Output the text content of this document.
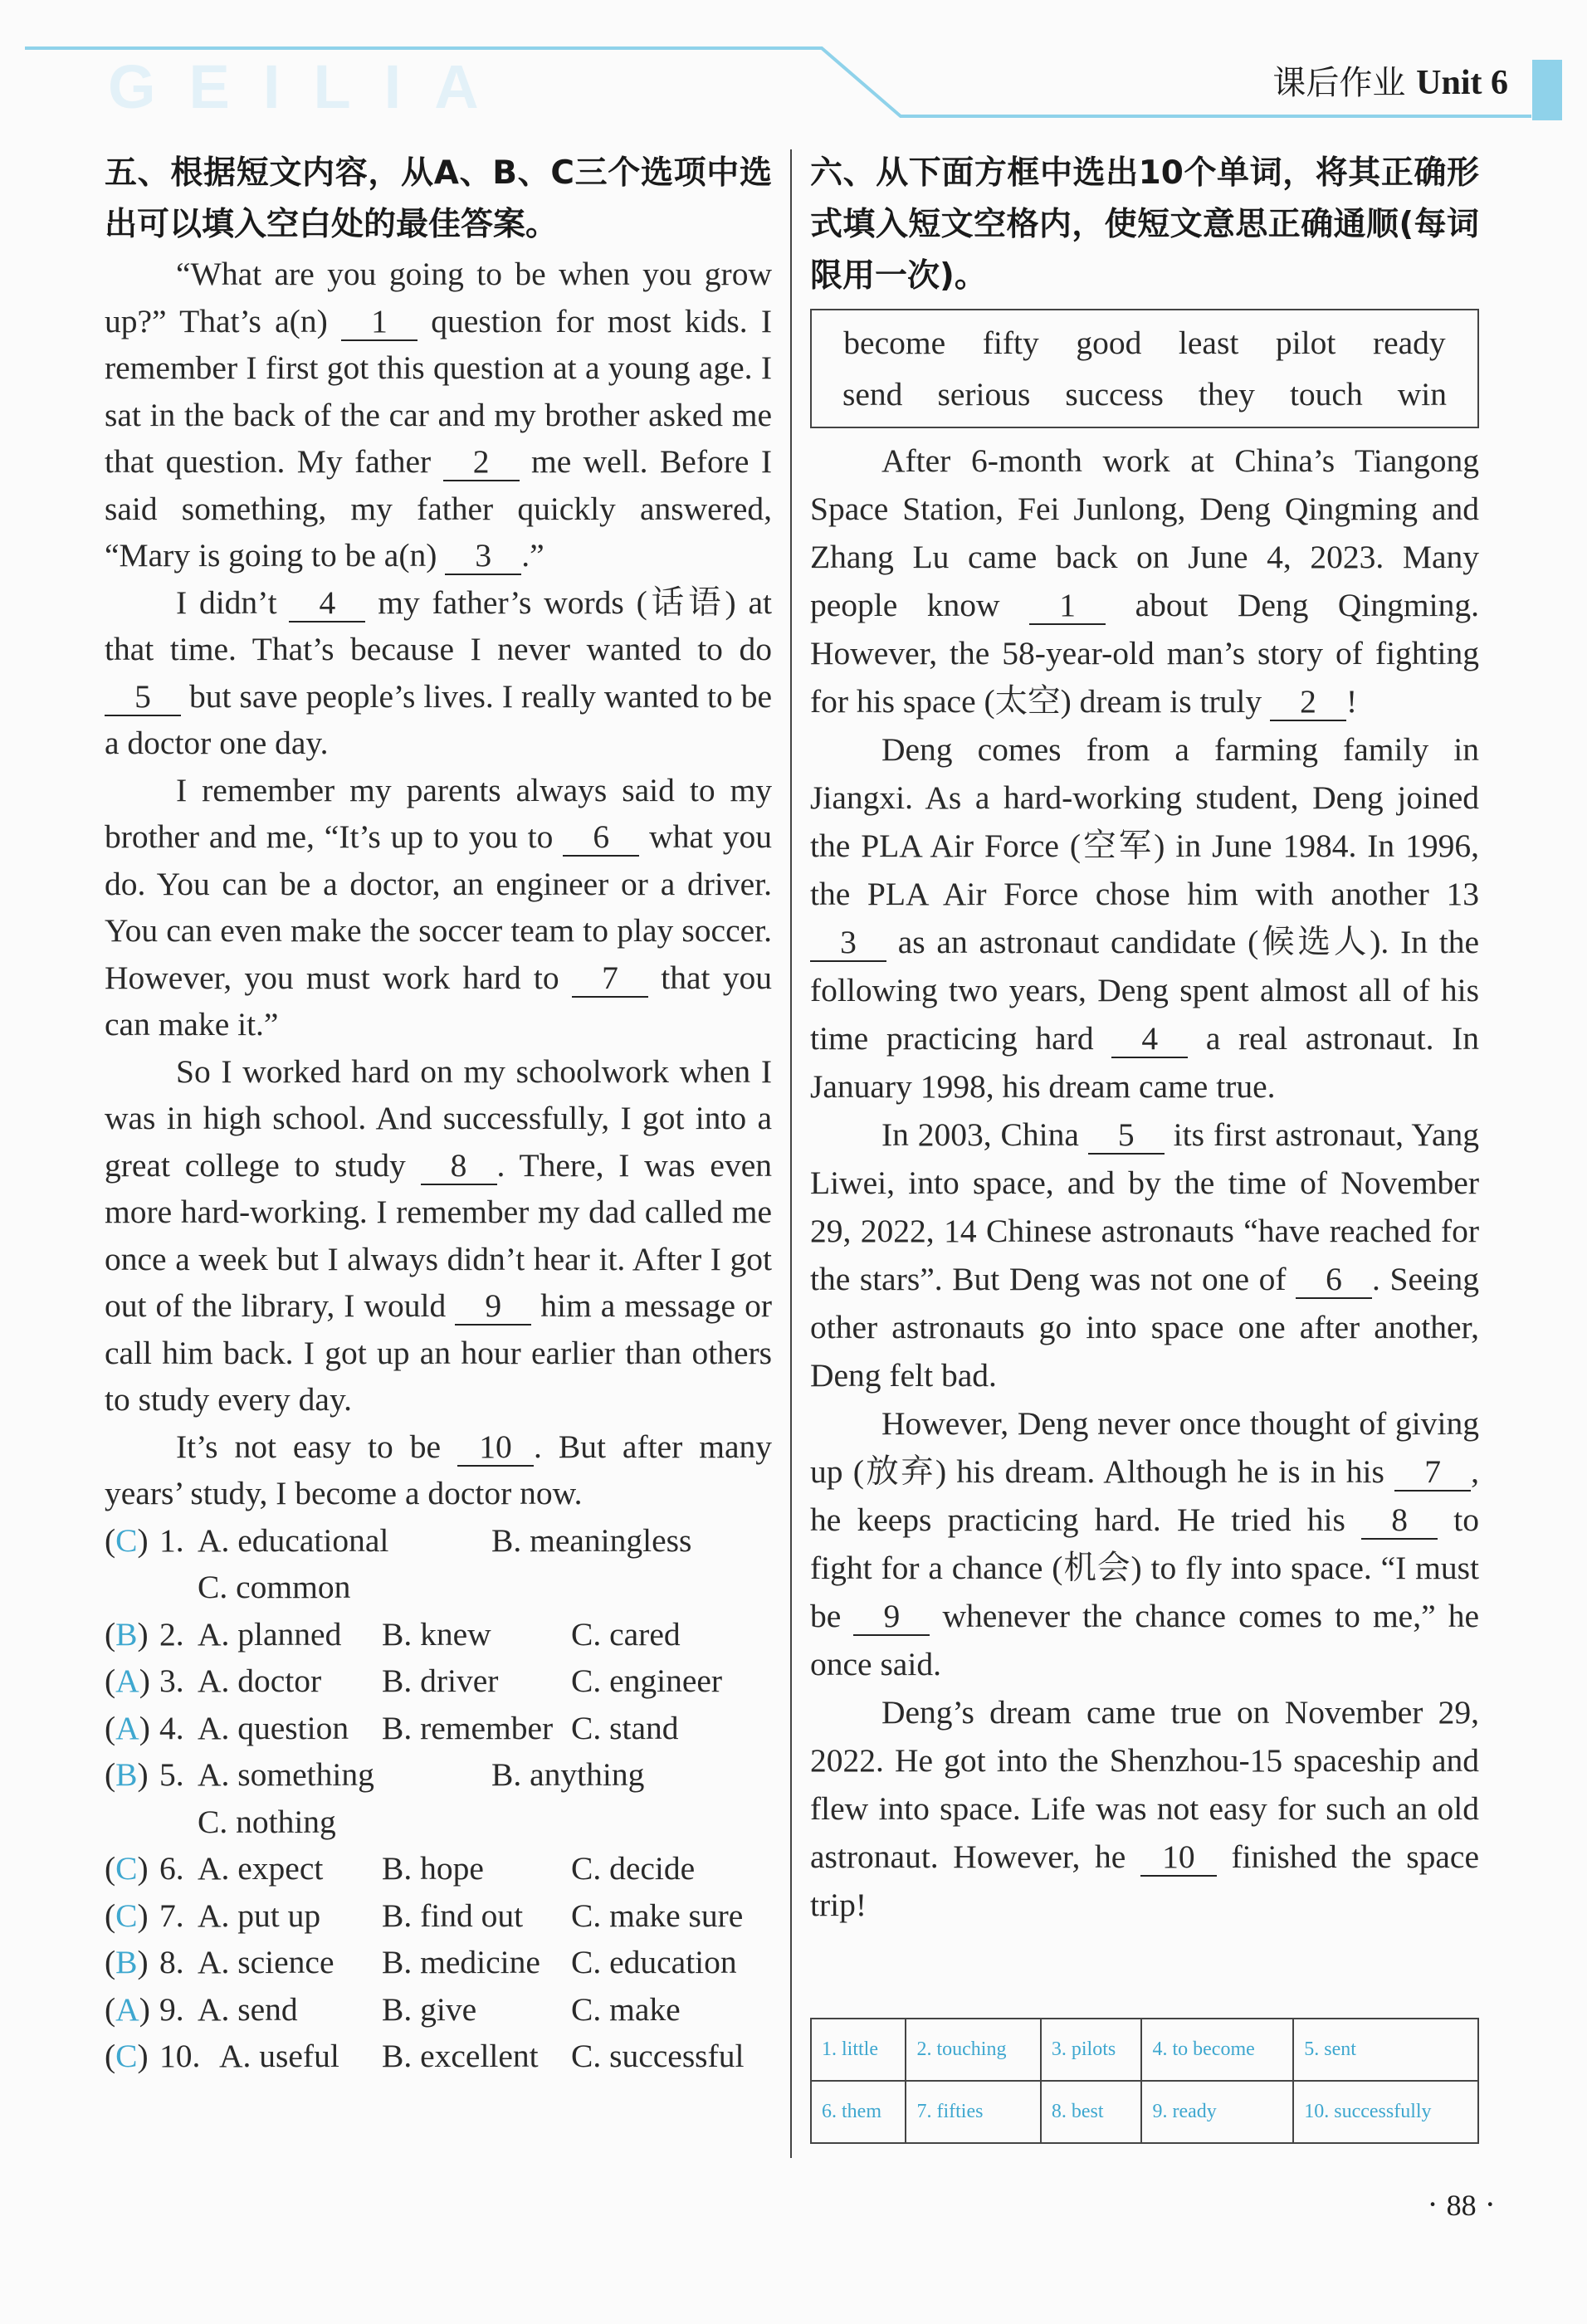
GEILIA	课后作业 Unit 6
五、根据短文内容，从A、B、C三个选项中选出可以填入空白处的最佳答案。

“What are you going to be when you grow up?” That’s a(n) 1 question for most kids. I remember I first got this question at a young age. I sat in the back of the car and my brother asked me that question. My father 2 me well. Before I said something, my father quickly answered, “Mary is going to be a(n) 3 .”

I didn’t 4 my father’s words (话语) at that time. That’s because I never wanted to do 5 but save people’s lives. I really wanted to be a doctor one day.

I remember my parents always said to my brother and me, “It’s up to you to 6 what you do. You can be a doctor, an engineer or a driver. You can even make the soccer team to play soccer. However, you must work hard to 7 that you can make it.”

So I worked hard on my schoolwork when I was in high school. And successfully, I got into a great college to study 8 . There, I was even more hard-working. I remember my dad called me once a week but I always didn’t hear it. After I got out of the library, I would 9 him a message or call him back. I got up an hour earlier than others to study every day.

It’s not easy to be 10 . But after many years’ study, I become a doctor now.

(C) 1. A. educational	B. meaningless
C. common
(B) 2. A. planned B. knew C. cared
(A) 3. A. doctor B. driver C. engineer
(A) 4. A. question B. remember C. stand
(B) 5. A. something	B. anything
C. nothing
(C) 6. A. expect B. hope	C. decide
(C) 7. A. put up B. find out C. make sure
(B) 8. A. science B. medicine C. education
(A) 9. A. send	B. give	C. make
(C) 10. A. useful B. excellent C. successful
六、从下面方框中选出10个单词，将其正确形式填入短文空格内，使短文意思正确通顺(每词限用一次)。
become fifty good least pilot ready
send serious success they touch win

After 6-month work at China’s Tiangong Space Station, Fei Junlong, Deng Qingming and Zhang Lu came back on June 4, 2023. Many people know 1 about Deng Qingming. However, the 58-year-old man’s story of fighting for his space (太空) dream is truly 2 !

Deng comes from a farming family in Jiangxi. As a hard-working student, Deng joined the PLA Air Force (空军) in June 1984. In 1996, the PLA Air Force chose him with another 13 3 as an astronaut candidate (候选人). In the following two years, Deng spent almost all of his time practicing hard 4 a real astronaut. In January 1998, his dream came true.

In 2003, China 5 its first astronaut, Yang Liwei, into space, and by the time of November 29, 2022, 14 Chinese astronauts “have reached for the stars”. But Deng was not one of 6 . Seeing other astronauts go into space one after another, Deng felt bad.

However, Deng never once thought of giving up (放弃) his dream. Although he is in his 7 , he keeps practicing hard. He tried his 8 to fight for a chance (机会) to fly into space. “I must be 9 whenever the chance comes to me,” he once said.

Deng’s dream came true on November 29, 2022. He got into the Shenzhou-15 spaceship and flew into space. Life was not easy for such an old astronaut. However, he 10 finished the space trip!

1. little	2. touching	3. pilots	4. to become	5. sent
6. them	7. fifties	8. best	9. ready	10. successfully
· 88 ·
